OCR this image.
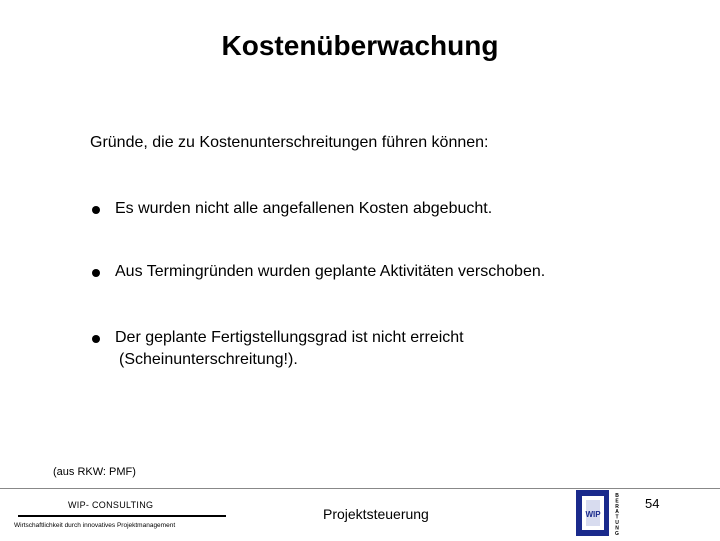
Kostenüberwachung
Gründe, die zu Kostenunterschreitungen führen können:
Es wurden nicht alle angefallenen Kosten abgebucht.
Aus Termingründen wurden geplante Aktivitäten verschoben.
Der geplante Fertigstellungsgrad ist nicht erreicht
(Scheinunterschreitung!).
(aus RKW: PMF)
WIP- CONSULTING
Wirtschaftlichkeit durch innovatives Projektmanagement
Projektsteuerung	WIP
B
E
R
A
T
U
N
G
54
